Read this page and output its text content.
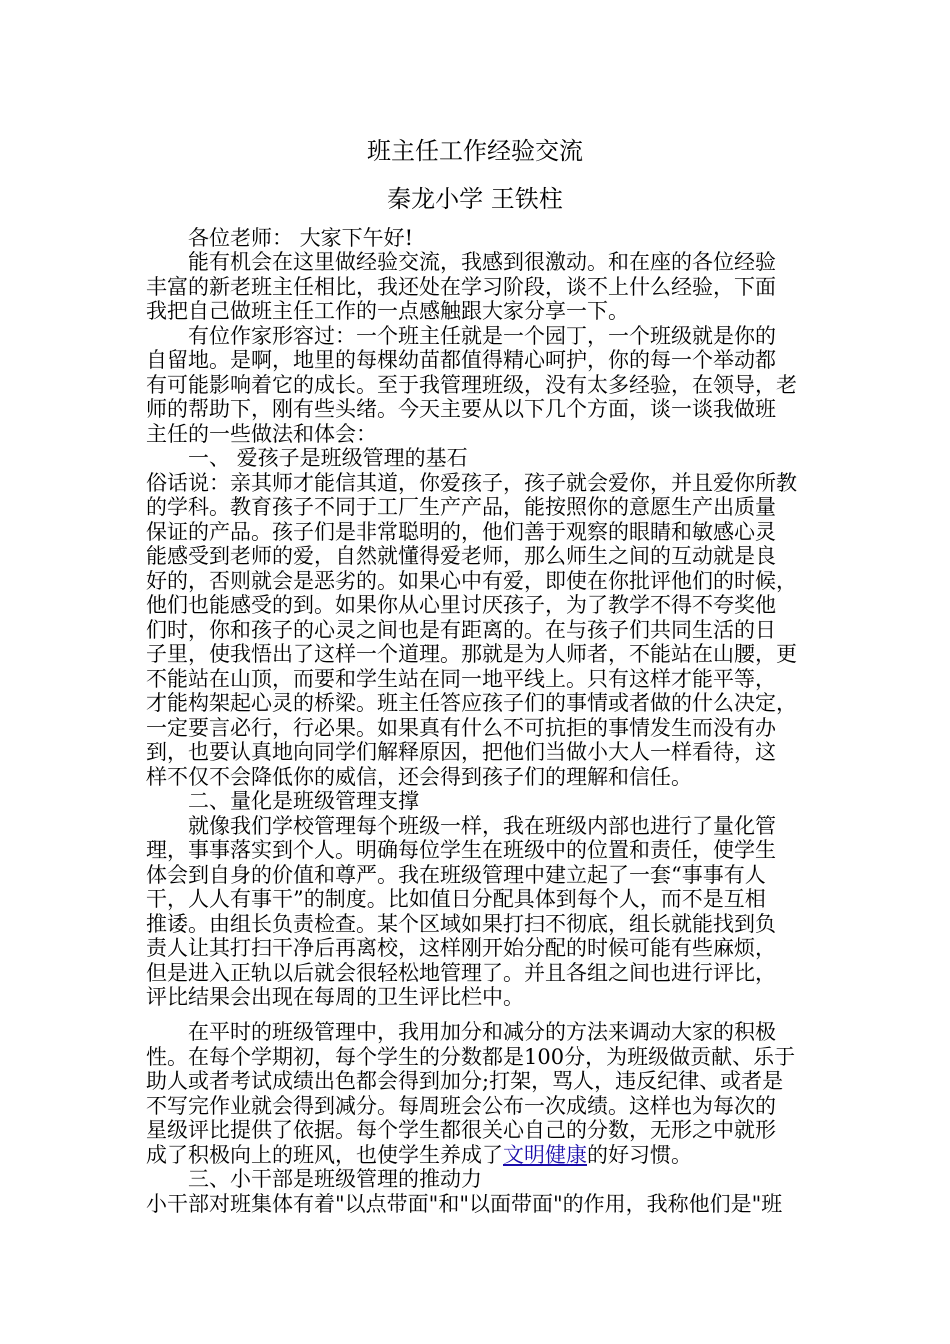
班主任工作经验交流
秦龙小学 王铁柱
各位老师： 大家下午好!
能有机会在这里做经验交流，我感到很激动。和在座的各位经验
丰富的新老班主任相比，我还处在学习阶段，谈不上什么经验，下面
我把自己做班主任工作的一点感触跟大家分享一下。
有位作家形容过：一个班主任就是一个园丁，一个班级就是你的
自留地。是啊，地里的每棵幼苗都值得精心呵护，你的每一个举动都
有可能影响着它的成长。至于我管理班级，没有太多经验，在领导，老
师的帮助下，刚有些头绪。今天主要从以下几个方面，谈一谈我做班
主任的一些做法和体会：
一、 爱孩子是班级管理的基石
俗话说：亲其师才能信其道，你爱孩子，孩子就会爱你，并且爱你所教
的学科。教育孩子不同于工厂生产产品，能按照你的意愿生产出质量
保证的产品。孩子们是非常聪明的，他们善于观察的眼睛和敏感心灵
能感受到老师的爱，自然就懂得爱老师，那么师生之间的互动就是良
好的，否则就会是恶劣的。如果心中有爱，即使在你批评他们的时候，
他们也能感受的到。如果你从心里讨厌孩子，为了教学不得不夸奖他
们时，你和孩子的心灵之间也是有距离的。在与孩子们共同生活的日
子里，使我悟出了这样一个道理。那就是为人师者，不能站在山腰，更
不能站在山顶，而要和学生站在同一地平线上。只有这样才能平等，
才能构架起心灵的桥梁。班主任答应孩子们的事情或者做的什么决定，
一定要言必行，行必果。如果真有什么不可抗拒的事情发生而没有办
到，也要认真地向同学们解释原因，把他们当做小大人一样看待，这
样不仅不会降低你的威信，还会得到孩子们的理解和信任。
二、量化是班级管理支撑
就像我们学校管理每个班级一样，我在班级内部也进行了量化管
理，事事落实到个人。明确每位学生在班级中的位置和责任，使学生
体会到自身的价值和尊严。我在班级管理中建立起了一套“事事有人
干，人人有事干”的制度。比如值日分配具体到每个人，而不是互相
推诿。由组长负责检查。某个区域如果打扫不彻底，组长就能找到负
责人让其打扫干净后再离校，这样刚开始分配的时候可能有些麻烦，
但是进入正轨以后就会很轻松地管理了。并且各组之间也进行评比，
评比结果会出现在每周的卫生评比栏中。
在平时的班级管理中，我用加分和减分的方法来调动大家的积极
性。在每个学期初，每个学生的分数都是100分，为班级做贡献、乐于
助人或者考试成绩出色都会得到加分;打架，骂人，违反纪律、或者是
不写完作业就会得到减分。每周班会公布一次成绩。这样也为每次的
星级评比提供了依据。每个学生都很关心自己的分数，无形之中就形
成了积极向上的班风，也使学生养成了文明健康的好习惯。
三、小干部是班级管理的推动力
小干部对班集体有着"以点带面"和"以面带面"的作用，我称他们是"班
